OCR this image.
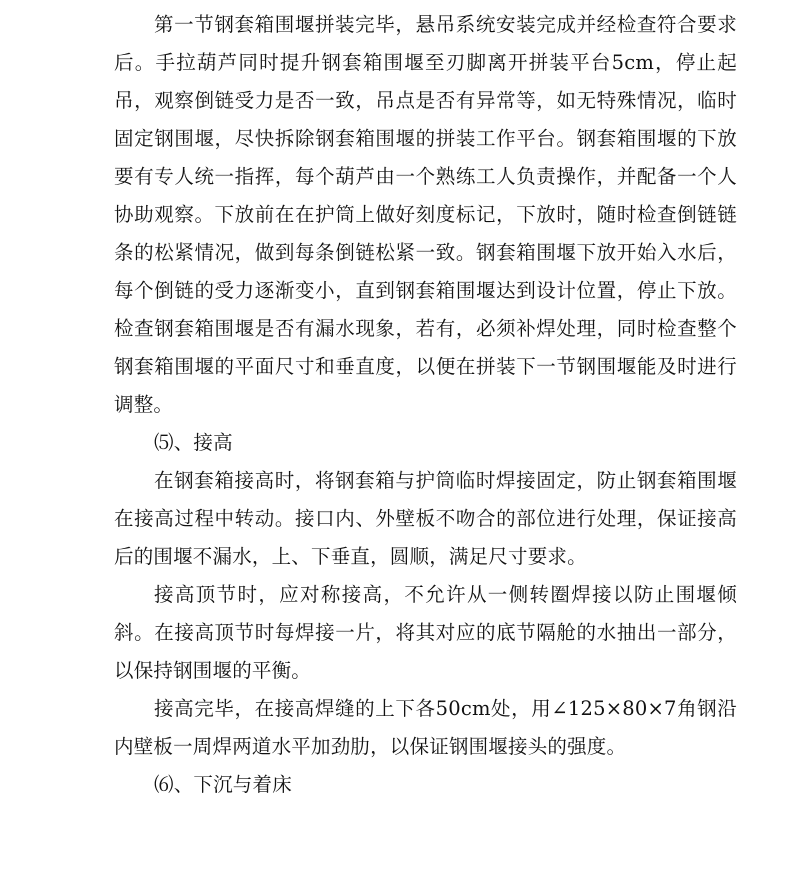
第一节钢套箱围堰拼装完毕，悬吊系统安装完成并经检查符合要求后。手拉葫芦同时提升钢套箱围堰至刃脚离开拼装平台5cm，停止起吊，观察倒链受力是否一致，吊点是否有异常等，如无特殊情况，临时固定钢围堰，尽快拆除钢套箱围堰的拼装工作平台。钢套箱围堰的下放要有专人统一指挥，每个葫芦由一个熟练工人负责操作，并配备一个人协助观察。下放前在在护筒上做好刻度标记，下放时，随时检查倒链链条的松紧情况，做到每条倒链松紧一致。钢套箱围堰下放开始入水后，每个倒链的受力逐渐变小，直到钢套箱围堰达到设计位置，停止下放。检查钢套箱围堰是否有漏水现象，若有，必须补焊处理，同时检查整个钢套箱围堰的平面尺寸和垂直度，以便在拼装下一节钢围堰能及时进行调整。

⑸、接高

在钢套箱接高时，将钢套箱与护筒临时焊接固定，防止钢套箱围堰在接高过程中转动。接口内、外壁板不吻合的部位进行处理，保证接高后的围堰不漏水，上、下垂直，圆顺，满足尺寸要求。

接高顶节时，应对称接高，不允许从一侧转圈焊接以防止围堰倾斜。在接高顶节时每焊接一片，将其对应的底节隔舱的水抽出一部分，以保持钢围堰的平衡。

接高完毕，在接高焊缝的上下各50cm处，用∠125×80×7角钢沿内壁板一周焊两道水平加劲肋，以保证钢围堰接头的强度。

⑹、下沉与着床
